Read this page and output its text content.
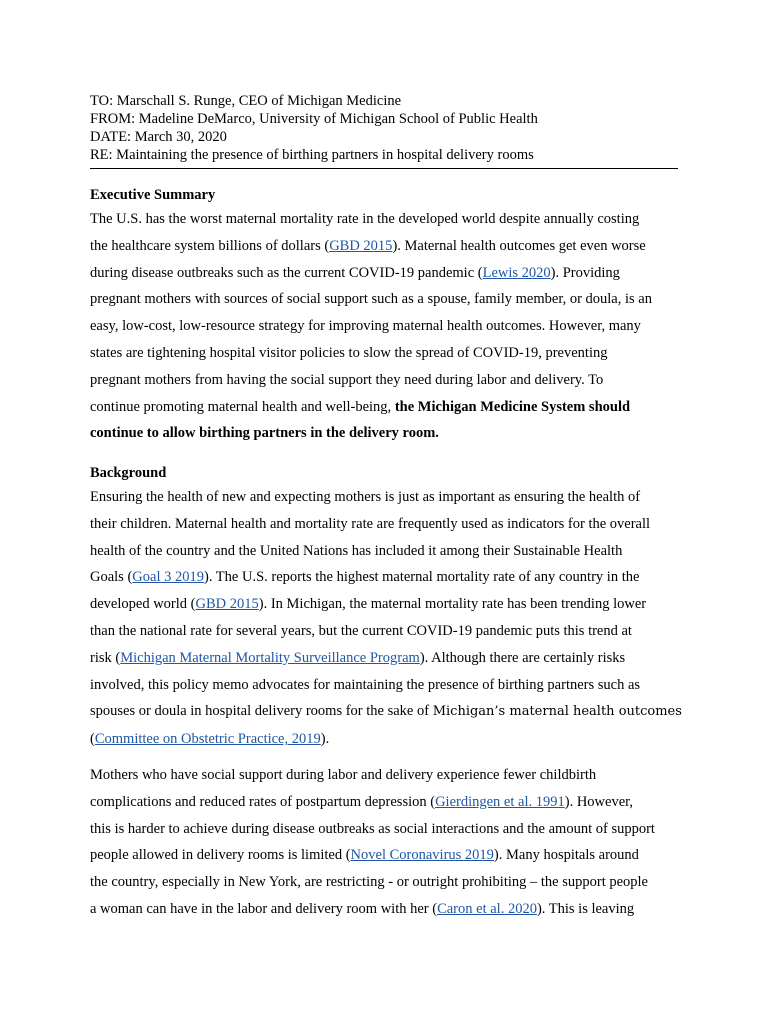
TO: Marschall S. Runge, CEO of Michigan Medicine
FROM: Madeline DeMarco, University of Michigan School of Public Health
DATE: March 30, 2020
RE: Maintaining the presence of birthing partners in hospital delivery rooms
Executive Summary
The U.S. has the worst maternal mortality rate in the developed world despite annually costing
the healthcare system billions of dollars (GBD 2015). Maternal health outcomes get even worse
during disease outbreaks such as the current COVID-19 pandemic (Lewis 2020). Providing
pregnant mothers with sources of social support such as a spouse, family member, or doula, is an
easy, low-cost, low-resource strategy for improving maternal health outcomes. However, many
states are tightening hospital visitor policies to slow the spread of COVID-19, preventing
pregnant mothers from having the social support they need during labor and delivery. To
continue promoting maternal health and well-being, the Michigan Medicine System should
continue to allow birthing partners in the delivery room.
Background
Ensuring the health of new and expecting mothers is just as important as ensuring the health of
their children. Maternal health and mortality rate are frequently used as indicators for the overall
health of the country and the United Nations has included it among their Sustainable Health
Goals (Goal 3 2019). The U.S. reports the highest maternal mortality rate of any country in the
developed world (GBD 2015). In Michigan, the maternal mortality rate has been trending lower
than the national rate for several years, but the current COVID-19 pandemic puts this trend at
risk (Michigan Maternal Mortality Surveillance Program). Although there are certainly risks
involved, this policy memo advocates for maintaining the presence of birthing partners such as
spouses or doula in hospital delivery rooms for the sake of Michigan’s maternal health outcomes
(Committee on Obstetric Practice, 2019).
Mothers who have social support during labor and delivery experience fewer childbirth
complications and reduced rates of postpartum depression (Gierdingen et al. 1991). However,
this is harder to achieve during disease outbreaks as social interactions and the amount of support
people allowed in delivery rooms is limited (Novel Coronavirus 2019). Many hospitals around
the country, especially in New York, are restricting - or outright prohibiting – the support people
a woman can have in the labor and delivery room with her (Caron et al. 2020). This is leaving
